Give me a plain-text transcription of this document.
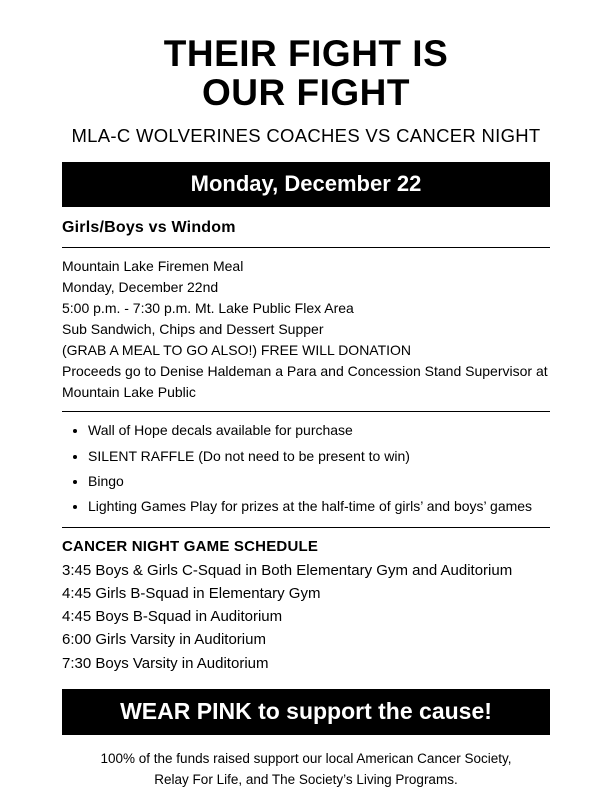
THEIR FIGHT IS
OUR FIGHT
MLA-C WOLVERINES COACHES VS CANCER NIGHT
Monday, December 22
Girls/Boys vs Windom

Mountain Lake Firemen Meal

Monday, December 22nd

5:00 p.m. - 7:30 p.m. Mt. Lake Public Flex Area

Sub Sandwich, Chips and Dessert Supper

(GRAB A MEAL TO GO ALSO!) FREE WILL DONATION

Proceeds go to Denise Haldeman a Para and Concession Stand Supervisor at Mountain Lake Public

• Wall of Hope decals available for purchase
• SILENT RAFFLE (Do not need to be present to win)
• Bingo
• Lighting Games Play for prizes at the half-time of girls’ and boys’ games
CANCER NIGHT GAME SCHEDULE

3:45 Boys & Girls C-Squad in Both Elementary Gym and Auditorium

4:45 Girls B-Squad in Elementary Gym

4:45 Boys B-Squad in Auditorium

6:00 Girls Varsity in Auditorium

7:30 Boys Varsity in Auditorium

WEAR PINK to support the cause!
100% of the funds raised support our local American Cancer Society,
Relay For Life, and The Society’s Living Programs.
